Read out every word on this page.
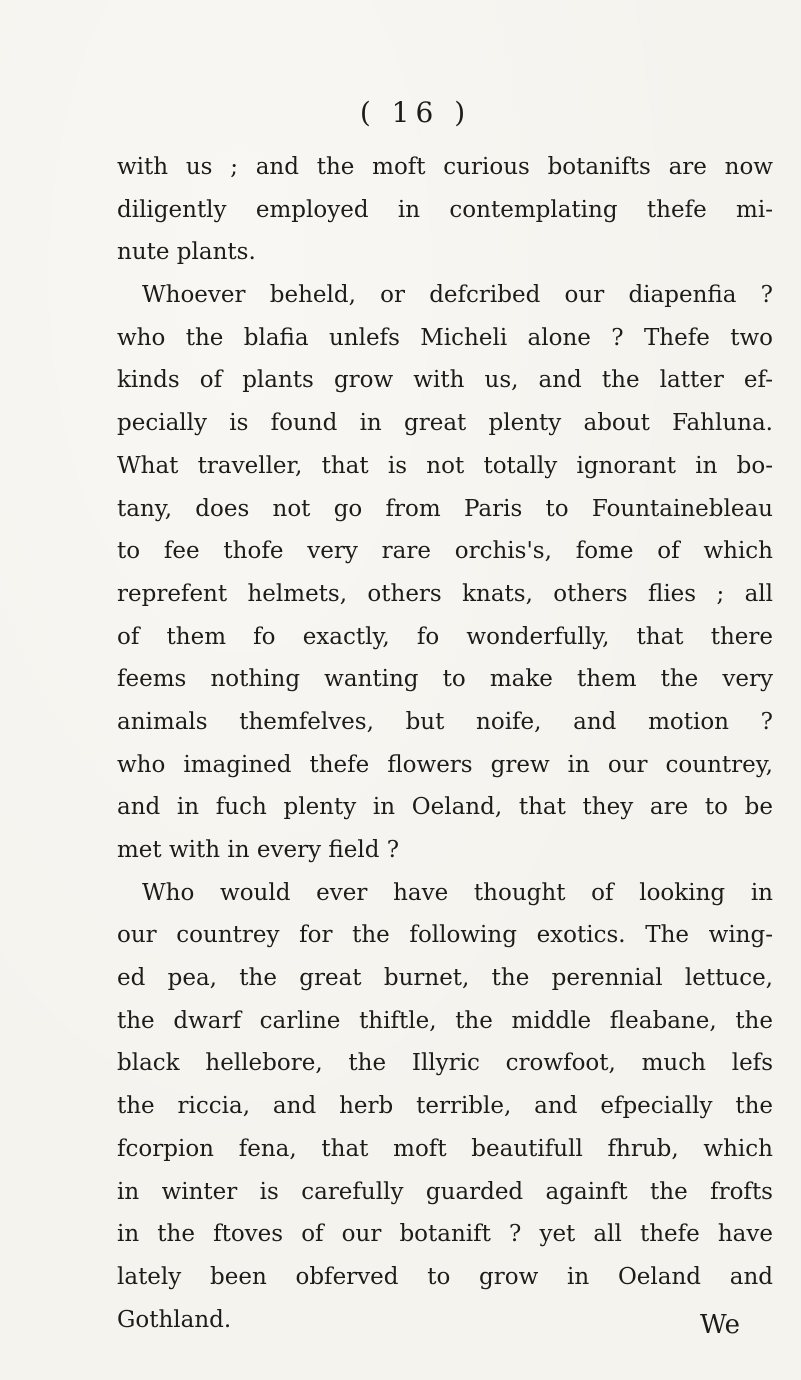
( 16 )
with us ; and the moft curious botanifts are now
diligently employed in contemplating thefe mi-
nute plants.
Whoever beheld, or defcribed our diapenfia ?
who the blafia unlefs Micheli alone ? Thefe two
kinds of plants grow with us, and the latter ef-
pecially is found in great plenty about Fahluna.
What traveller, that is not totally ignorant in bo-
tany, does not go from Paris to Fountainebleau
to fee thofe very rare orchis's, fome of which
reprefent helmets, others knats, others flies ; all
of them fo exactly, fo wonderfully, that there
feems nothing wanting to make them the very
animals themfelves, but noife, and motion ?
who imagined thefe flowers grew in our countrey,
and in fuch plenty in Oeland, that they are to be
met with in every field ?
Who would ever have thought of looking in
our countrey for the following exotics. The wing-
ed pea, the great burnet, the perennial lettuce,
the dwarf carline thiftle, the middle fleabane, the
black hellebore, the Illyric crowfoot, much lefs
the riccia, and herb terrible, and efpecially the
fcorpion fena, that moft beautifull fhrub, which
in winter is carefully guarded againft the frofts
in the ftoves of our botanift ? yet all thefe have
lately been obferved to grow in Oeland and
Gothland.	We
